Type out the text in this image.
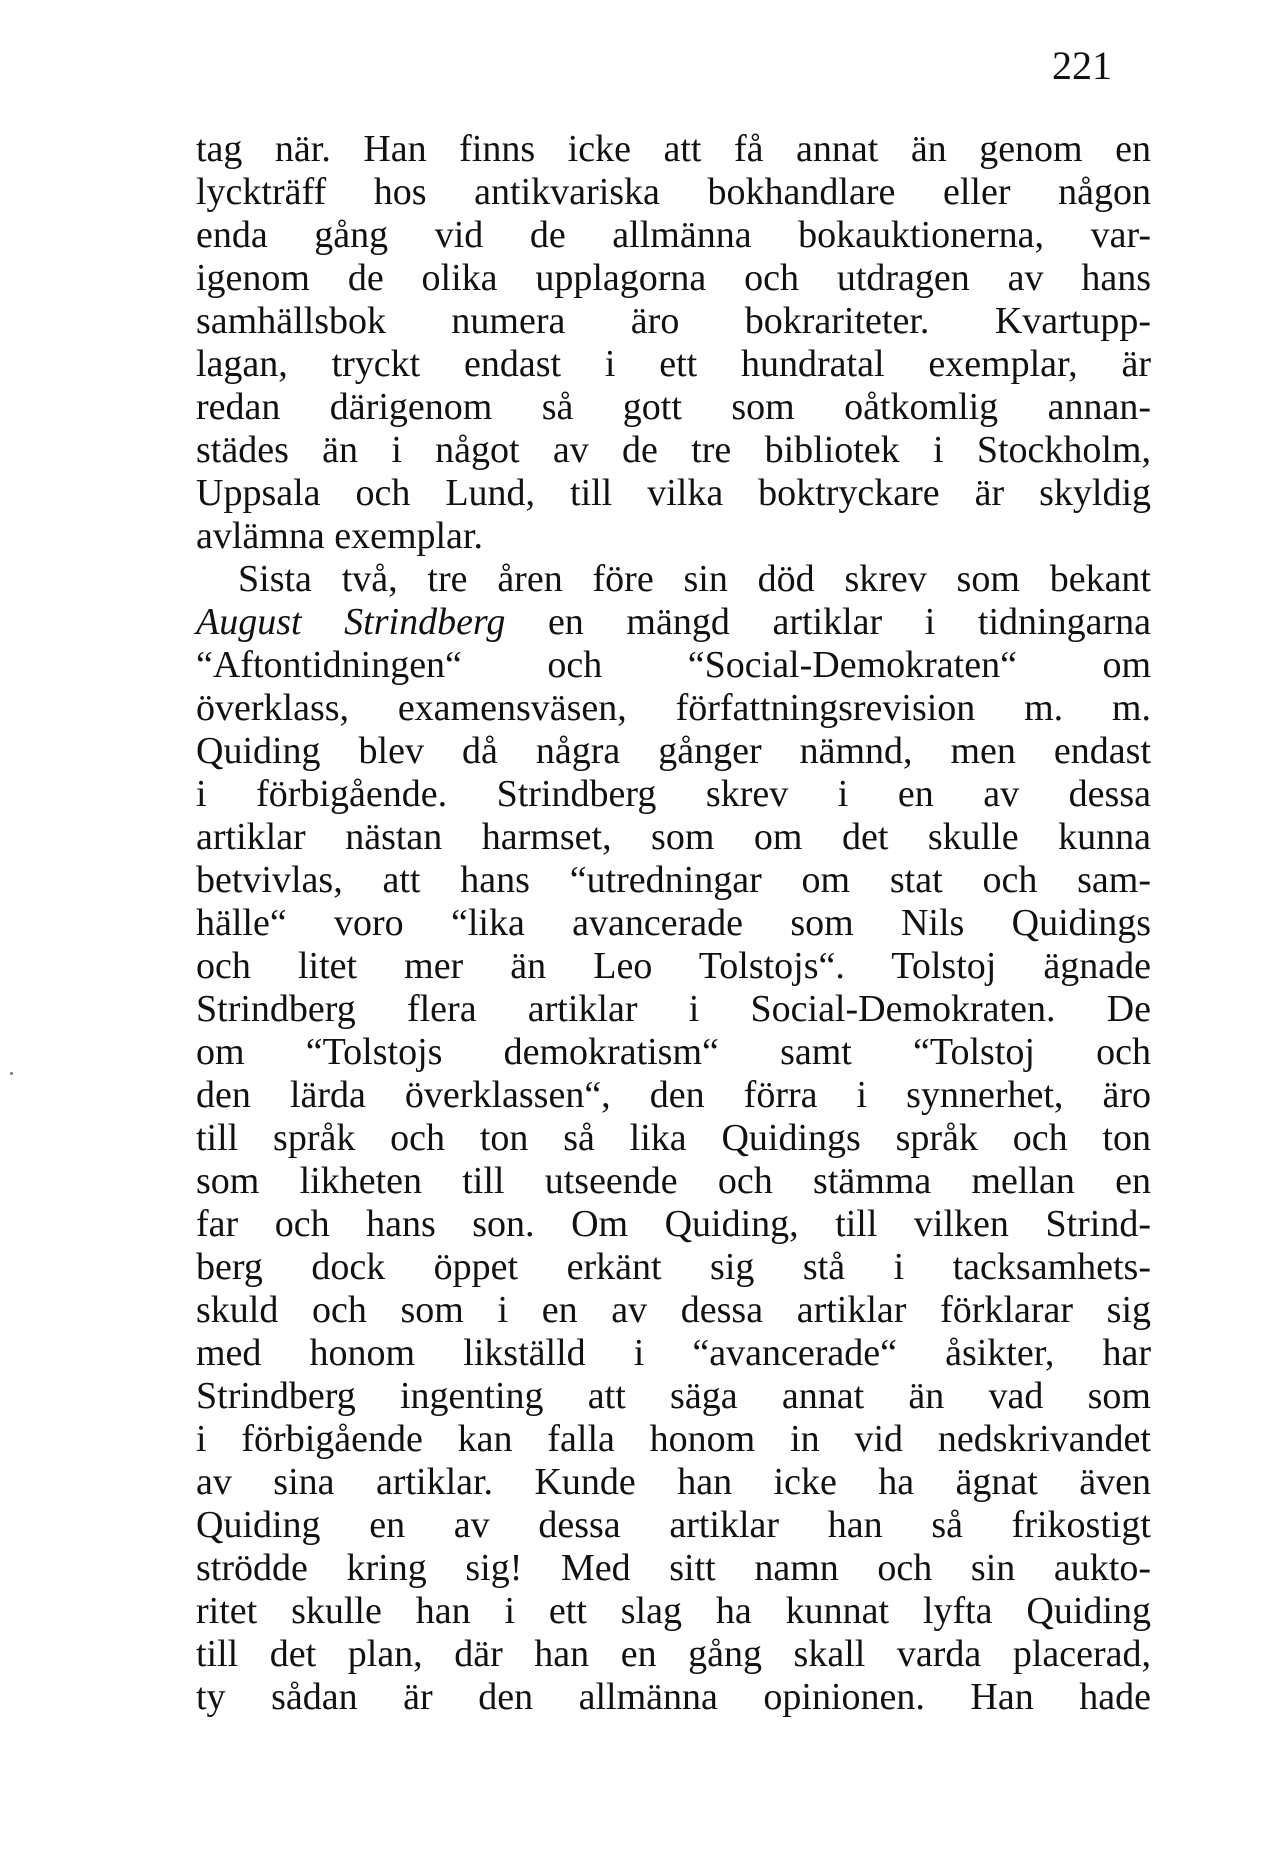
221
tag när. Han finns icke att få annat än genom en
lyckträff hos antikvariska bokhandlare eller någon
enda gång vid de allmänna bokauktionerna, var-
igenom de olika upplagorna och utdragen av hans
samhällsbok numera äro bokrariteter. Kvartupp-
lagan, tryckt endast i ett hundratal exemplar, är
redan därigenom så gott som oåtkomlig annan-
städes än i något av de tre bibliotek i Stockholm,
Uppsala och Lund, till vilka boktryckare är skyldig
avlämna exemplar.
Sista två, tre åren före sin död skrev som bekant
August Strindberg en mängd artiklar i tidningarna
“Aftontidningen“ och “Social-Demokraten“ om
överklass, examensväsen, författningsrevision m. m.
Quiding blev då några gånger nämnd, men endast
i förbigående. Strindberg skrev i en av dessa
artiklar nästan harmset, som om det skulle kunna
betvivlas, att hans “utredningar om stat och sam-
hälle“ voro “lika avancerade som Nils Quidings
och litet mer än Leo Tolstojs“. Tolstoj ägnade
Strindberg flera artiklar i Social-Demokraten. De
om “Tolstojs demokratism“ samt “Tolstoj och
den lärda överklassen“, den förra i synnerhet, äro
till språk och ton så lika Quidings språk och ton
som likheten till utseende och stämma mellan en
far och hans son. Om Quiding, till vilken Strind-
berg dock öppet erkänt sig stå i tacksamhets-
skuld och som i en av dessa artiklar förklarar sig
med honom likställd i “avancerade“ åsikter, har
Strindberg ingenting att säga annat än vad som
i förbigående kan falla honom in vid nedskrivandet
av sina artiklar. Kunde han icke ha ägnat även
Quiding en av dessa artiklar han så frikostigt
strödde kring sig! Med sitt namn och sin aukto-
ritet skulle han i ett slag ha kunnat lyfta Quiding
till det plan, där han en gång skall varda placerad,
ty sådan är den allmänna opinionen. Han hade
